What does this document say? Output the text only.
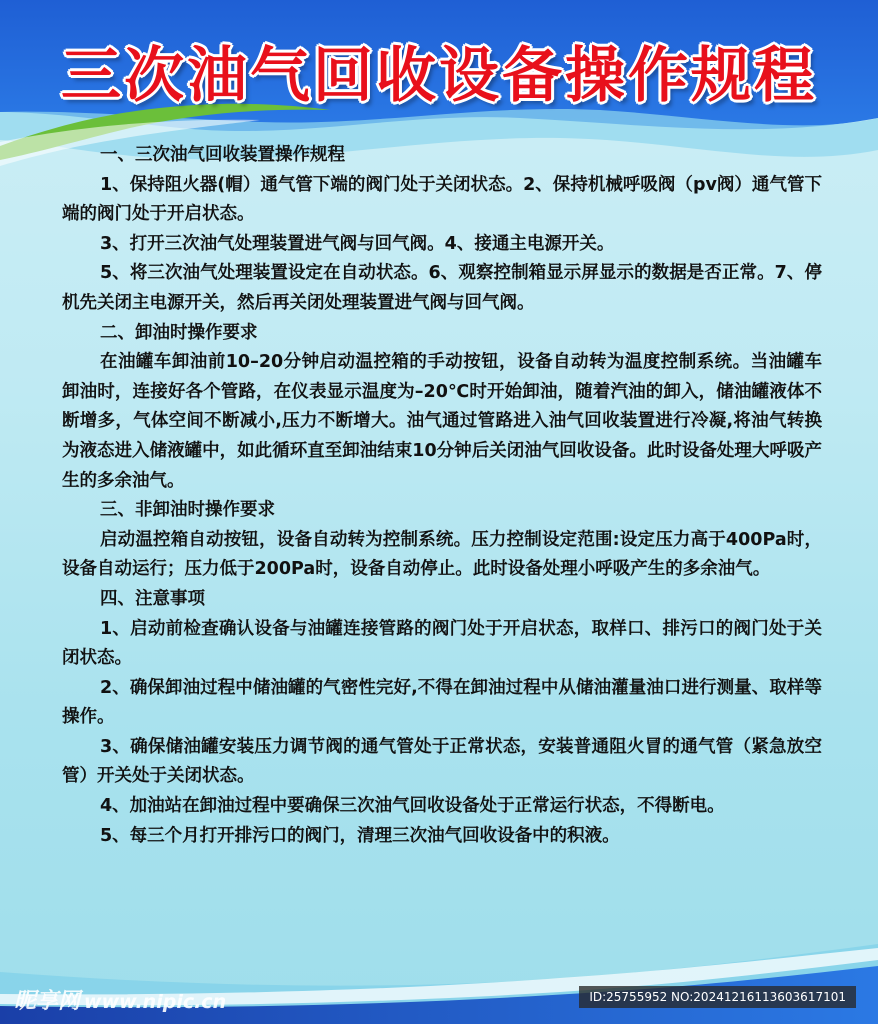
三次油气回收设备操作规程

一、三次油气回收装置操作规程

1、保持阻火器(帽）通气管下端的阀门处于关闭状态。2、保持机械呼吸阀（pv阀）通气管下端的阀门处于开启状态。

3、打开三次油气处理装置进气阀与回气阀。4、接通主电源开关。

5、将三次油气处理装置设定在自动状态。6、观察控制箱显示屏显示的数据是否正常。7、停机先关闭主电源开关，然后再关闭处理装置进气阀与回气阀。

二、卸油时操作要求

在油罐车卸油前10–20分钟启动温控箱的手动按钮，设备自动转为温度控制系统。当油罐车卸油时，连接好各个管路，在仪表显示温度为–20℃时开始卸油，随着汽油的卸入，储油罐液体不断增多，气体空间不断减小,压力不断增大。油气通过管路进入油气回收装置进行冷凝,将油气转换为液态进入储液罐中，如此循环直至卸油结束10分钟后关闭油气回收设备。此时设备处理大呼吸产生的多余油气。

三、非卸油时操作要求

启动温控箱自动按钮，设备自动转为控制系统。压力控制设定范围:设定压力高于400Pa时，设备自动运行；压力低于200Pa时，设备自动停止。此时设备处理小呼吸产生的多余油气。

四、注意事项

1、启动前检查确认设备与油罐连接管路的阀门处于开启状态，取样口、排污口的阀门处于关闭状态。

2、确保卸油过程中储油罐的气密性完好,不得在卸油过程中从储油灌量油口进行测量、取样等操作。

3、确保储油罐安装压力调节阀的通气管处于正常状态，安装普通阻火冒的通气管（紧急放空管）开关处于关闭状态。

4、加油站在卸油过程中要确保三次油气回收设备处于正常运行状态，不得断电。

5、每三个月打开排污口的阀门，清理三次油气回收设备中的积液。

昵享网 www.nipic.cn	ID:25755952 NO:20241216113603617101
